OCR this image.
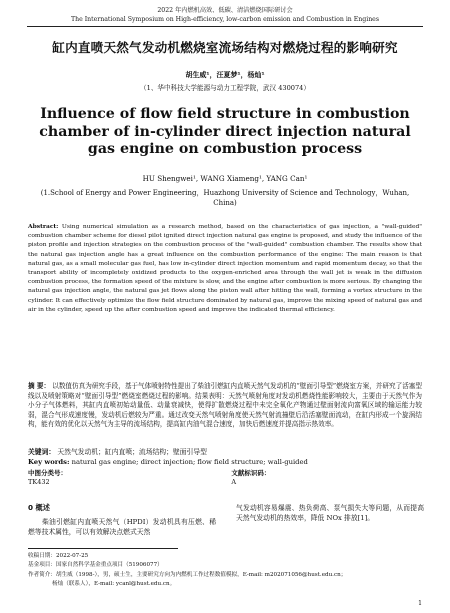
2022 年内燃机高效、低碳、清洁燃烧国际研讨会
The International Symposium on High-efficiency, low-carbon emission and Combustion in Engines
缸内直喷天然气发动机燃烧室流场结构对燃烧过程的影响研究
胡生威¹，汪夏梦¹，杨灿¹
（1、华中科技大学能源与动力工程学院，武汉 430074）
Influence of flow field structure in combustion chamber of in-cylinder direct injection natural gas engine on combustion process
HU Shengwei¹, WANG Xiameng¹, YANG Can¹
(1.School of Energy and Power Engineering，Huazhong University of Science and Technology，Wuhan, China)
Abstract: Using numerical simulation as a research method, based on the characteristics of gas injection, a "wall-guided" combustion chamber scheme for diesel pilot ignited direct injection natural gas engine is proposed, and study the influence of the piston profile and injection strategies on the combustion process of the "wall-guided" combustion chamber. The results show that the natural gas injection angle has a great influence on the combustion performance of the engine: The main reason is that natural gas, as a small molecular gas fuel, has low in-cylinder direct injection momentum and rapid momentum decay, so that the transport ability of incompletely oxidized products to the oxygen-enriched area through the wall jet is weak in the diffusion combustion process, the formation speed of the mixture is slow, and the engine after combustion is more serious. By changing the natural gas injection angle, the natural gas jet flows along the piston wall after hitting the wall, forming a vortex structure in the cylinder. It can effectively optimize the flow field structure dominated by natural gas, improve the mixing speed of natural gas and air in the cylinder, speed up the after combustion speed and improve the indicated thermal efficiency.
摘 要： 以数值仿真为研究手段，基于气体喷射特性提出了柴油引燃缸内直喷天然气发动机的“壁面引导型”燃烧室方案，并研究了活塞型线以及喷射策略对“壁面引导型”燃烧室燃烧过程的影响。结果表明：天然气喷射角度对发动机燃烧性能影响较大，主要由于天然气作为小分子气体燃料，其缸内直喷初始动量低、动量衰减快，使得扩散燃烧过程中未完全氧化产物通过壁面射流向富氧区域的输运能力较弱，混合气形成速度慢，发动机后燃较为严重。通过改变天然气喷射角度使天然气射流撞壁后沿活塞壁面流动，在缸内形成一个旋涡结构，能有效的优化以天然气为主导的流场结构，提高缸内油气混合速度，加快后燃速度并提高指示热效率。
关键词： 天然气发动机；缸内直喷；流场结构；壁面引导型
Key words: natural gas engine; direct injection; flow field structure; wall-guided
中图分类号：TK432
文献标识码：A
0 概述
柴油引燃缸内直喷天然气（HPDI）发动机具有压燃、稀燃等技术属性，可以有效解决点燃式天然
气发动机容易爆震、热负荷高、泵气损失大等问题，从而提高天然气发动机的热效率，降低 NOx 排放[1]。
收稿日期：2022-07-25
基金项目：国家自然科学基金重点项目（51906077）
作者简介：胡生威（1998-），男，硕士生，主要研究方向为内燃机工作过程数值模拟，E-mail: m202071056@hust.edu.cn；
杨灿（联系人），E-mail: ycanl@hust.edu.cn。
1
